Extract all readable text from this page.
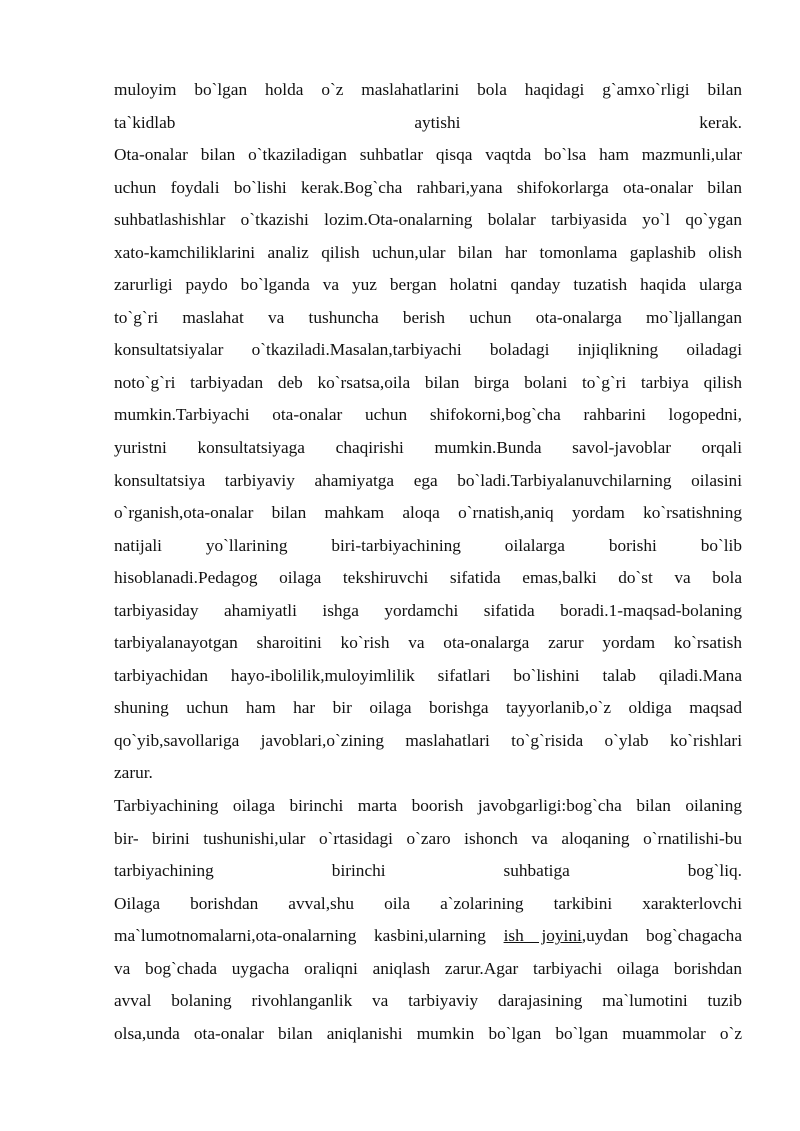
muloyim bo`lgan holda o`z maslahatlarini bola haqidagi g`amxo`rligi bilan
ta`kidlab aytishi kerak.
Ota-onalar bilan o`tkaziladigan suhbatlar qisqa vaqtda bo`lsa ham mazmunli,ular
uchun foydali bo`lishi kerak.Bog`cha rahbari,yana shifokorlarga ota-onalar bilan
suhbatlashishlar o`tkazishi lozim.Ota-onalarning bolalar tarbiyasida yo`l qo`ygan
xato-kamchiliklarini analiz qilish uchun,ular bilan har tomonlama gaplashib olish
zarurligi paydo bo`lganda va yuz bergan holatni qanday tuzatish haqida ularga
to`g`ri maslahat va tushuncha berish uchun ota-onalarga mo`ljallangan
konsultatsiyalar o`tkaziladi.Masalan,tarbiyachi boladagi injiqlikning oiladagi
noto`g`ri tarbiyadan deb ko`rsatsa,oila bilan birga bolani to`g`ri tarbiya qilish
mumkin.Tarbiyachi ota-onalar uchun shifokorni,bog`cha rahbarini logopedni,
yuristni konsultatsiyaga chaqirishi mumkin.Bunda savol-javoblar orqali
konsultatsiya tarbiyaviy ahamiyatga ega bo`ladi.Tarbiyalanuvchilarning oilasini
o`rganish,ota-onalar bilan mahkam aloqa o`rnatish,aniq yordam ko`rsatishning
natijali yo`llarining biri-tarbiyachining oilalarga borishi bo`lib
hisoblanadi.Pedagog oilaga tekshiruvchi sifatida emas,balki do`st va bola
tarbiyasiday ahamiyatli ishga yordamchi sifatida boradi.1-maqsad-bolaning
tarbiyalanayotgan sharoitini ko`rish va ota-onalarga zarur yordam ko`rsatish
tarbiyachidan hayo-ibolilik,muloyimlilik sifatlari bo`lishini talab qiladi.Mana
shuning uchun ham har bir oilaga borishga tayyorlanib,o`z oldiga maqsad
qo`yib,savollariga javoblari,o`zining maslahatlari to`g`risida o`ylab ko`rishlari
zarur.
Tarbiyachining oilaga birinchi marta boorish javobgarligi:bog`cha bilan oilaning
bir- birini tushunishi,ular o`rtasidagi o`zaro ishonch va aloqaning o`rnatilishi-bu
tarbiyachining birinchi suhbatiga bog`liq.
Oilaga borishdan avval,shu oila a`zolarining tarkibini xarakterlovchi
ma`lumotnomalarni,ota-onalarning kasbini,ularning ish joyini,uydan bog`chagacha
va bog`chada uygacha oraliqni aniqlash zarur.Agar tarbiyachi oilaga borishdan
avval bolaning rivohlanganlik va tarbiyaviy darajasining ma`lumotini tuzib
olsa,unda ota-onalar bilan aniqlanishi mumkin bo`lgan bo`lgan muammolar o`z
